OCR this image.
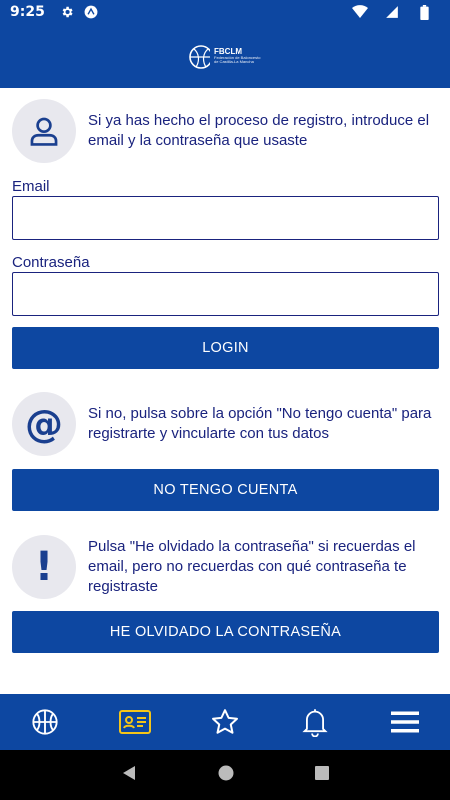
9:25
FBCLM
Federación de Baloncesto de Castilla-La Mancha
Si ya has hecho el proceso de registro, introduce el email y la contraseña que usaste
Email
Contraseña
LOGIN
@ Si no, pulsa sobre la opción "No tengo cuenta" para registrarte y vincularte con tus datos
NO TENGO CUENTA
! Pulsa "He olvidado la contraseña" si recuerdas el email, pero no recuerdas con qué contraseña te registraste
HE OLVIDADO LA CONTRASEÑA
